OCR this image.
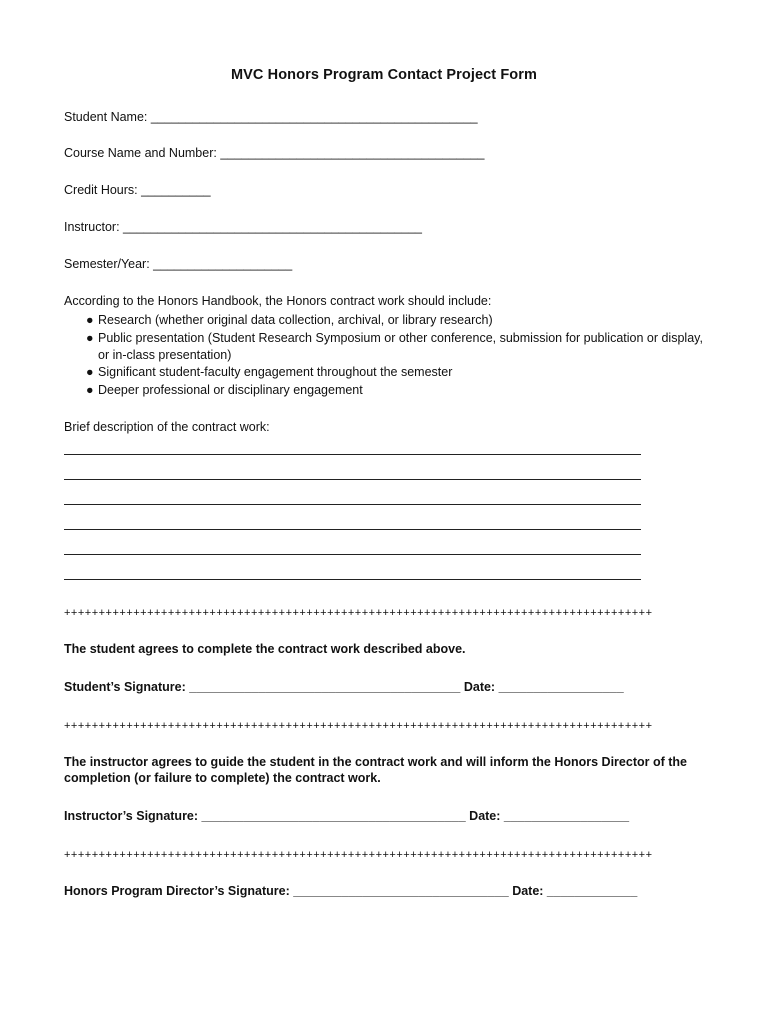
MVC Honors Program Contact Project Form
Student Name: _______________________________________________
Course Name and Number: ______________________________________
Credit Hours: __________
Instructor: ___________________________________________
Semester/Year: ____________________
According to the Honors Handbook, the Honors contract work should include:
● Research (whether original data collection, archival, or library research)
● Public presentation (Student Research Symposium or other conference, submission for publication or display, or in-class presentation)
● Significant student-faculty engagement throughout the semester
● Deeper professional or disciplinary engagement
Brief description of the contract work:
+++++++++++++++++++++++++++++++++++++++++++++++++++++++++++++++++++++++++++++++++++++
The student agrees to complete the contract work described above.
Student’s Signature: _______________________________________ Date: __________________
+++++++++++++++++++++++++++++++++++++++++++++++++++++++++++++++++++++++++++++++++++++
The instructor agrees to guide the student in the contract work and will inform the Honors Director of the completion (or failure to complete) the contract work.
Instructor’s Signature: ______________________________________ Date: __________________
+++++++++++++++++++++++++++++++++++++++++++++++++++++++++++++++++++++++++++++++++++++
Honors Program Director’s Signature: _______________________________ Date: _____________
